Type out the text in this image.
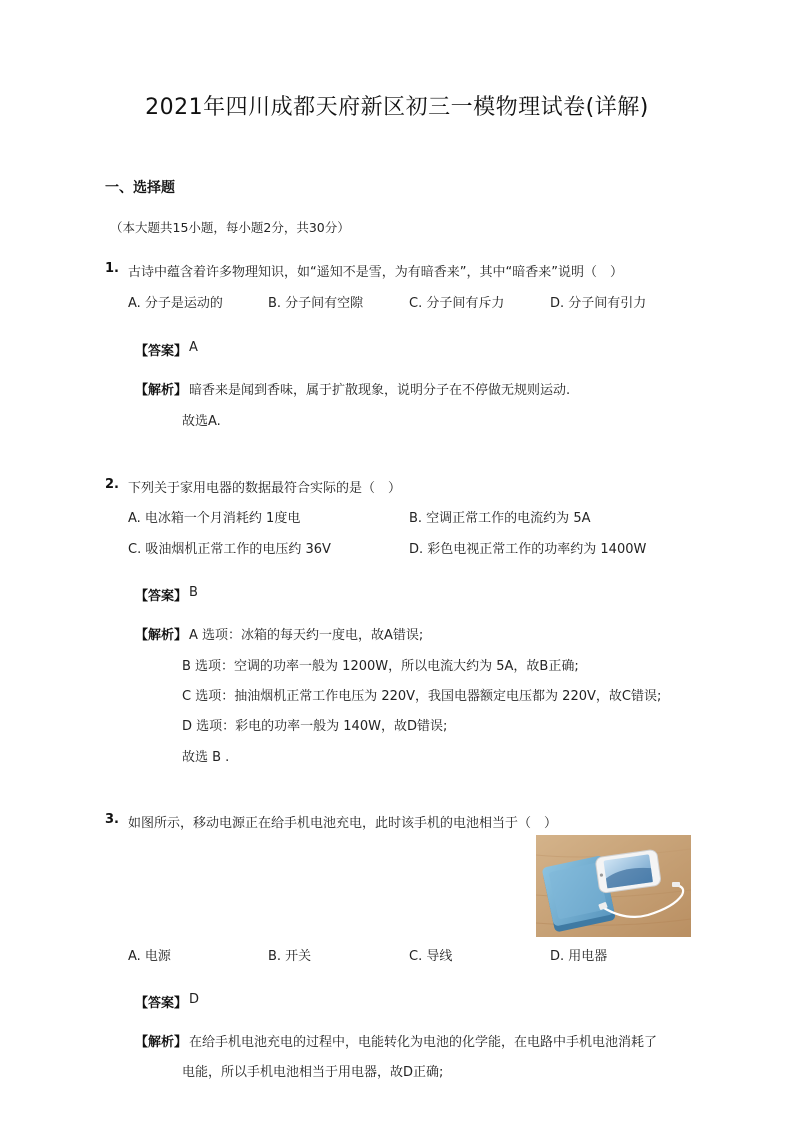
2021年四川成都天府新区初三一模物理试卷(详解)
一、选择题
（本大题共15小题，每小题2分，共30分）
1. 古诗中蕴含着许多物理知识，如“遥知不是雪，为有暗香来”，其中“暗香来”说明（　）
A. 分子是运动的	B. 分子间有空隙	C. 分子间有斥力	D. 分子间有引力
【答案】 A
【解析】 暗香来是闻到香味，属于扩散现象，说明分子在不停做无规则运动.
故选A.
2. 下列关于家用电器的数据最符合实际的是（　）
A. 电冰箱一个月消耗约 1度电	B. 空调正常工作的电流约为 5A
C. 吸油烟机正常工作的电压约 36V	D. 彩色电视正常工作的功率约为 1400W
【答案】 B
【解析】 A 选项：冰箱的每天约一度电，故A错误;
B 选项：空调的功率一般为 1200W，所以电流大约为 5A，故B正确;
C 选项：抽油烟机正常工作电压为 220V，我国电器额定电压都为 220V，故C错误;
D 选项：彩电的功率一般为 140W，故D错误;
故选 B .
3. 如图所示，移动电源正在给手机电池充电，此时该手机的电池相当于（　）
A. 电源	B. 开关	C. 导线	D. 用电器
【答案】 D
【解析】 在给手机电池充电的过程中，电能转化为电池的化学能，在电路中手机电池消耗了
电能，所以手机电池相当于用电器，故D正确;
